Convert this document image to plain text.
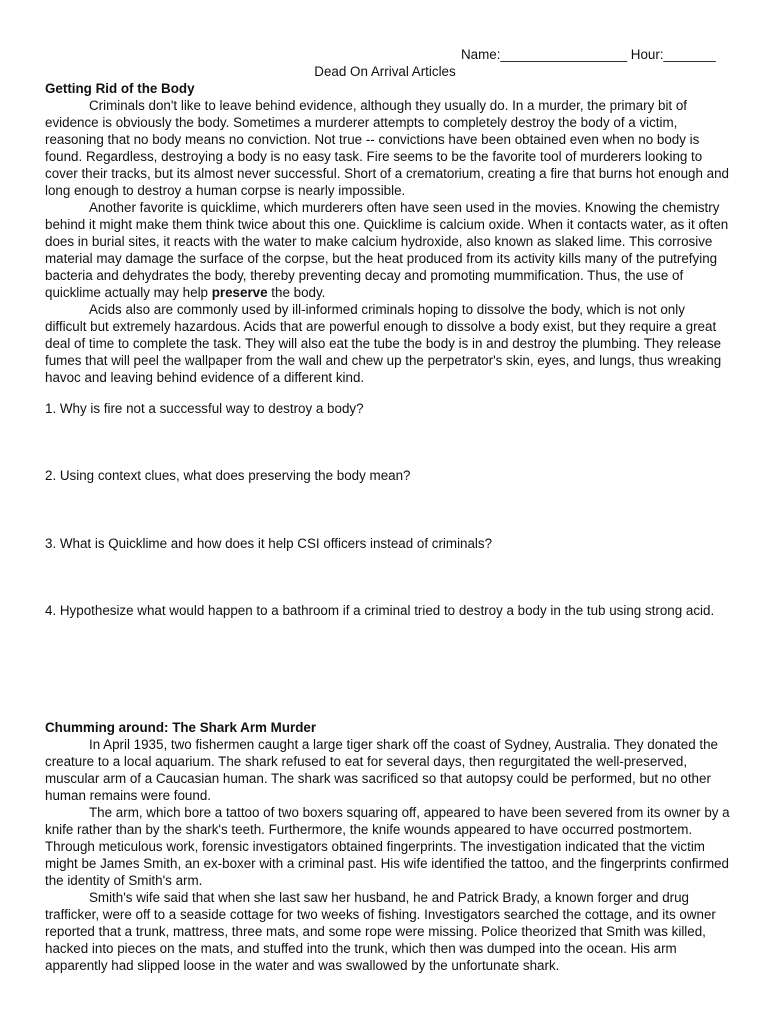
Name:_________________ Hour:_______
Dead On Arrival Articles

Getting Rid of the Body

Criminals don't like to leave behind evidence, although they usually do. In a murder, the primary bit of evidence is obviously the body. Sometimes a murderer attempts to completely destroy the body of a victim, reasoning that no body means no conviction. Not true -- convictions have been obtained even when no body is found. Regardless, destroying a body is no easy task. Fire seems to be the favorite tool of murderers looking to cover their tracks, but its almost never successful. Short of a crematorium, creating a fire that burns hot enough and long enough to destroy a human corpse is nearly impossible.

Another favorite is quicklime, which murderers often have seen used in the movies. Knowing the chemistry behind it might make them think twice about this one. Quicklime is calcium oxide. When it contacts water, as it often does in burial sites, it reacts with the water to make calcium hydroxide, also known as slaked lime. This corrosive material may damage the surface of the corpse, but the heat produced from its activity kills many of the putrefying bacteria and dehydrates the body, thereby preventing decay and promoting mummification. Thus, the use of quicklime actually may help preserve the body.

Acids also are commonly used by ill-informed criminals hoping to dissolve the body, which is not only difficult but extremely hazardous. Acids that are powerful enough to dissolve a body exist, but they require a great deal of time to complete the task. They will also eat the tube the body is in and destroy the plumbing. They release fumes that will peel the wallpaper from the wall and chew up the perpetrator's skin, eyes, and lungs, thus wreaking havoc and leaving behind evidence of a different kind.

1. Why is fire not a successful way to destroy a body?
2. Using context clues, what does preserving the body mean?
3. What is Quicklime and how does it help CSI officers instead of criminals?
4. Hypothesize what would happen to a bathroom if a criminal tried to destroy a body in the tub using strong acid.

Chumming around: The Shark Arm Murder

In April 1935, two fishermen caught a large tiger shark off the coast of Sydney, Australia. They donated the creature to a local aquarium. The shark refused to eat for several days, then regurgitated the well-preserved, muscular arm of a Caucasian human. The shark was sacrificed so that autopsy could be performed, but no other human remains were found.

The arm, which bore a tattoo of two boxers squaring off, appeared to have been severed from its owner by a knife rather than by the shark's teeth. Furthermore, the knife wounds appeared to have occurred postmortem. Through meticulous work, forensic investigators obtained fingerprints. The investigation indicated that the victim might be James Smith, an ex-boxer with a criminal past. His wife identified the tattoo, and the fingerprints confirmed the identity of Smith's arm.

Smith's wife said that when she last saw her husband, he and Patrick Brady, a known forger and drug trafficker, were off to a seaside cottage for two weeks of fishing. Investigators searched the cottage, and its owner reported that a trunk, mattress, three mats, and some rope were missing. Police theorized that Smith was killed, hacked into pieces on the mats, and stuffed into the trunk, which then was dumped into the ocean. His arm apparently had slipped loose in the water and was swallowed by the unfortunate shark.
